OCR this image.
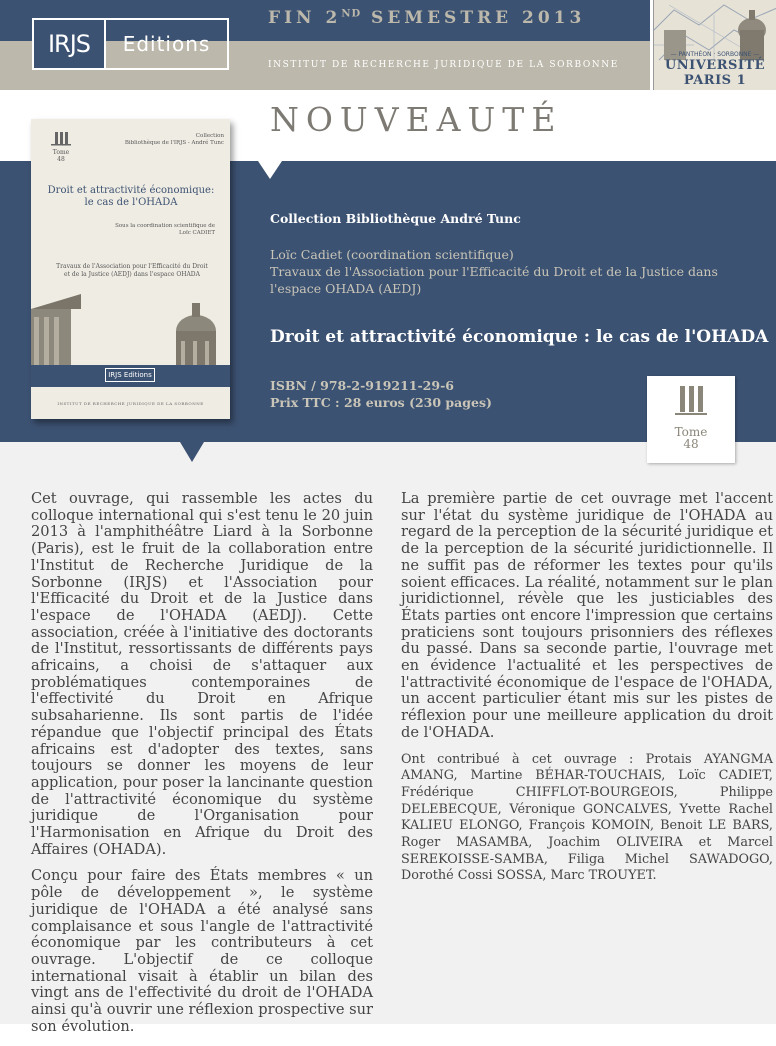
IRJS	Editions
FIN 2ND SEMESTRE 2013
INSTITUT DE RECHERCHE JURIDIQUE DE LA SORBONNE
— PANTHÉON · SORBONNE —
UNIVERSITÉ PARIS 1
NOUVEAUTÉ
Tome
48
Collection
Bibliothèque de l'IRJS - André Tunc
Droit et attractivité économique:
le cas de l'OHADA
Sous la coordination scientifique de
Loïc CADIET
Travaux de l'Association pour l'Efficacité du Droit
et de la Justice (AEDJ) dans l'espace OHADA
IRJS Editions
INSTITUT DE RECHERCHE JURIDIQUE DE LA SORBONNE
Collection Bibliothèque André Tunc
Loïc Cadiet (coordination scientifique)
Travaux de l'Association pour l'Efficacité du Droit et de la Justice dans l'espace OHADA (AEDJ)
Droit et attractivité économique : le cas de l'OHADA
ISBN / 978-2-919211-29-6
Prix TTC : 28 euros (230 pages)
Tome
48

Cet ouvrage, qui rassemble les actes du colloque international qui s'est tenu le 20 juin 2013 à l'amphithéâtre Liard à la Sorbonne (Paris), est le fruit de la collaboration entre l'Institut de Recherche Juridique de la Sorbonne (IRJS) et l'Association pour l'Efficacité du Droit et de la Justice dans l'espace de l'OHADA (AEDJ). Cette association, créée à l'initiative des doctorants de l'Institut, ressortissants de différents pays africains, a choisi de s'attaquer aux problématiques contemporaines de l'effectivité du Droit en Afrique subsaharienne. Ils sont partis de l'idée répandue que l'objectif principal des États africains est d'adopter des textes, sans toujours se donner les moyens de leur application, pour poser la lancinante question de l'attractivité économique du système juridique de l'Organisation pour l'Harmonisation en Afrique du Droit des Affaires (OHADA).

Conçu pour faire des États membres « un pôle de développement », le système juridique de l'OHADA a été analysé sans complaisance et sous l'angle de l'attractivité économique par les contributeurs à cet ouvrage. L'objectif de ce colloque international visait à établir un bilan des vingt ans de l'effectivité du droit de l'OHADA ainsi qu'à ouvrir une réflexion prospective sur son évolution.

La première partie de cet ouvrage met l'accent sur l'état du système juridique de l'OHADA au regard de la perception de la sécurité juridique et de la perception de la sécurité juridictionnelle. Il ne suffit pas de réformer les textes pour qu'ils soient efficaces. La réalité, notamment sur le plan juridictionnel, révèle que les justiciables des États parties ont encore l'impression que certains praticiens sont toujours prisonniers des réflexes du passé. Dans sa seconde partie, l'ouvrage met en évidence l'actualité et les perspectives de l'attractivité économique de l'espace de l'OHADA, un accent particulier étant mis sur les pistes de réflexion pour une meilleure application du droit de l'OHADA.

Ont contribué à cet ouvrage : Protais AYANGMA AMANG, Martine BÉHAR-TOUCHAIS, Loïc CADIET, Frédérique CHIFFLOT-BOURGEOIS, Philippe DELEBECQUE, Véronique GONCALVES, Yvette Rachel KALIEU ELONGO, François KOMOIN, Benoit LE BARS, Roger MASAMBA, Joachim OLIVEIRA et Marcel SEREKOISSE-SAMBA, Filiga Michel SAWADOGO, Dorothé Cossi SOSSA, Marc TROUYET.
